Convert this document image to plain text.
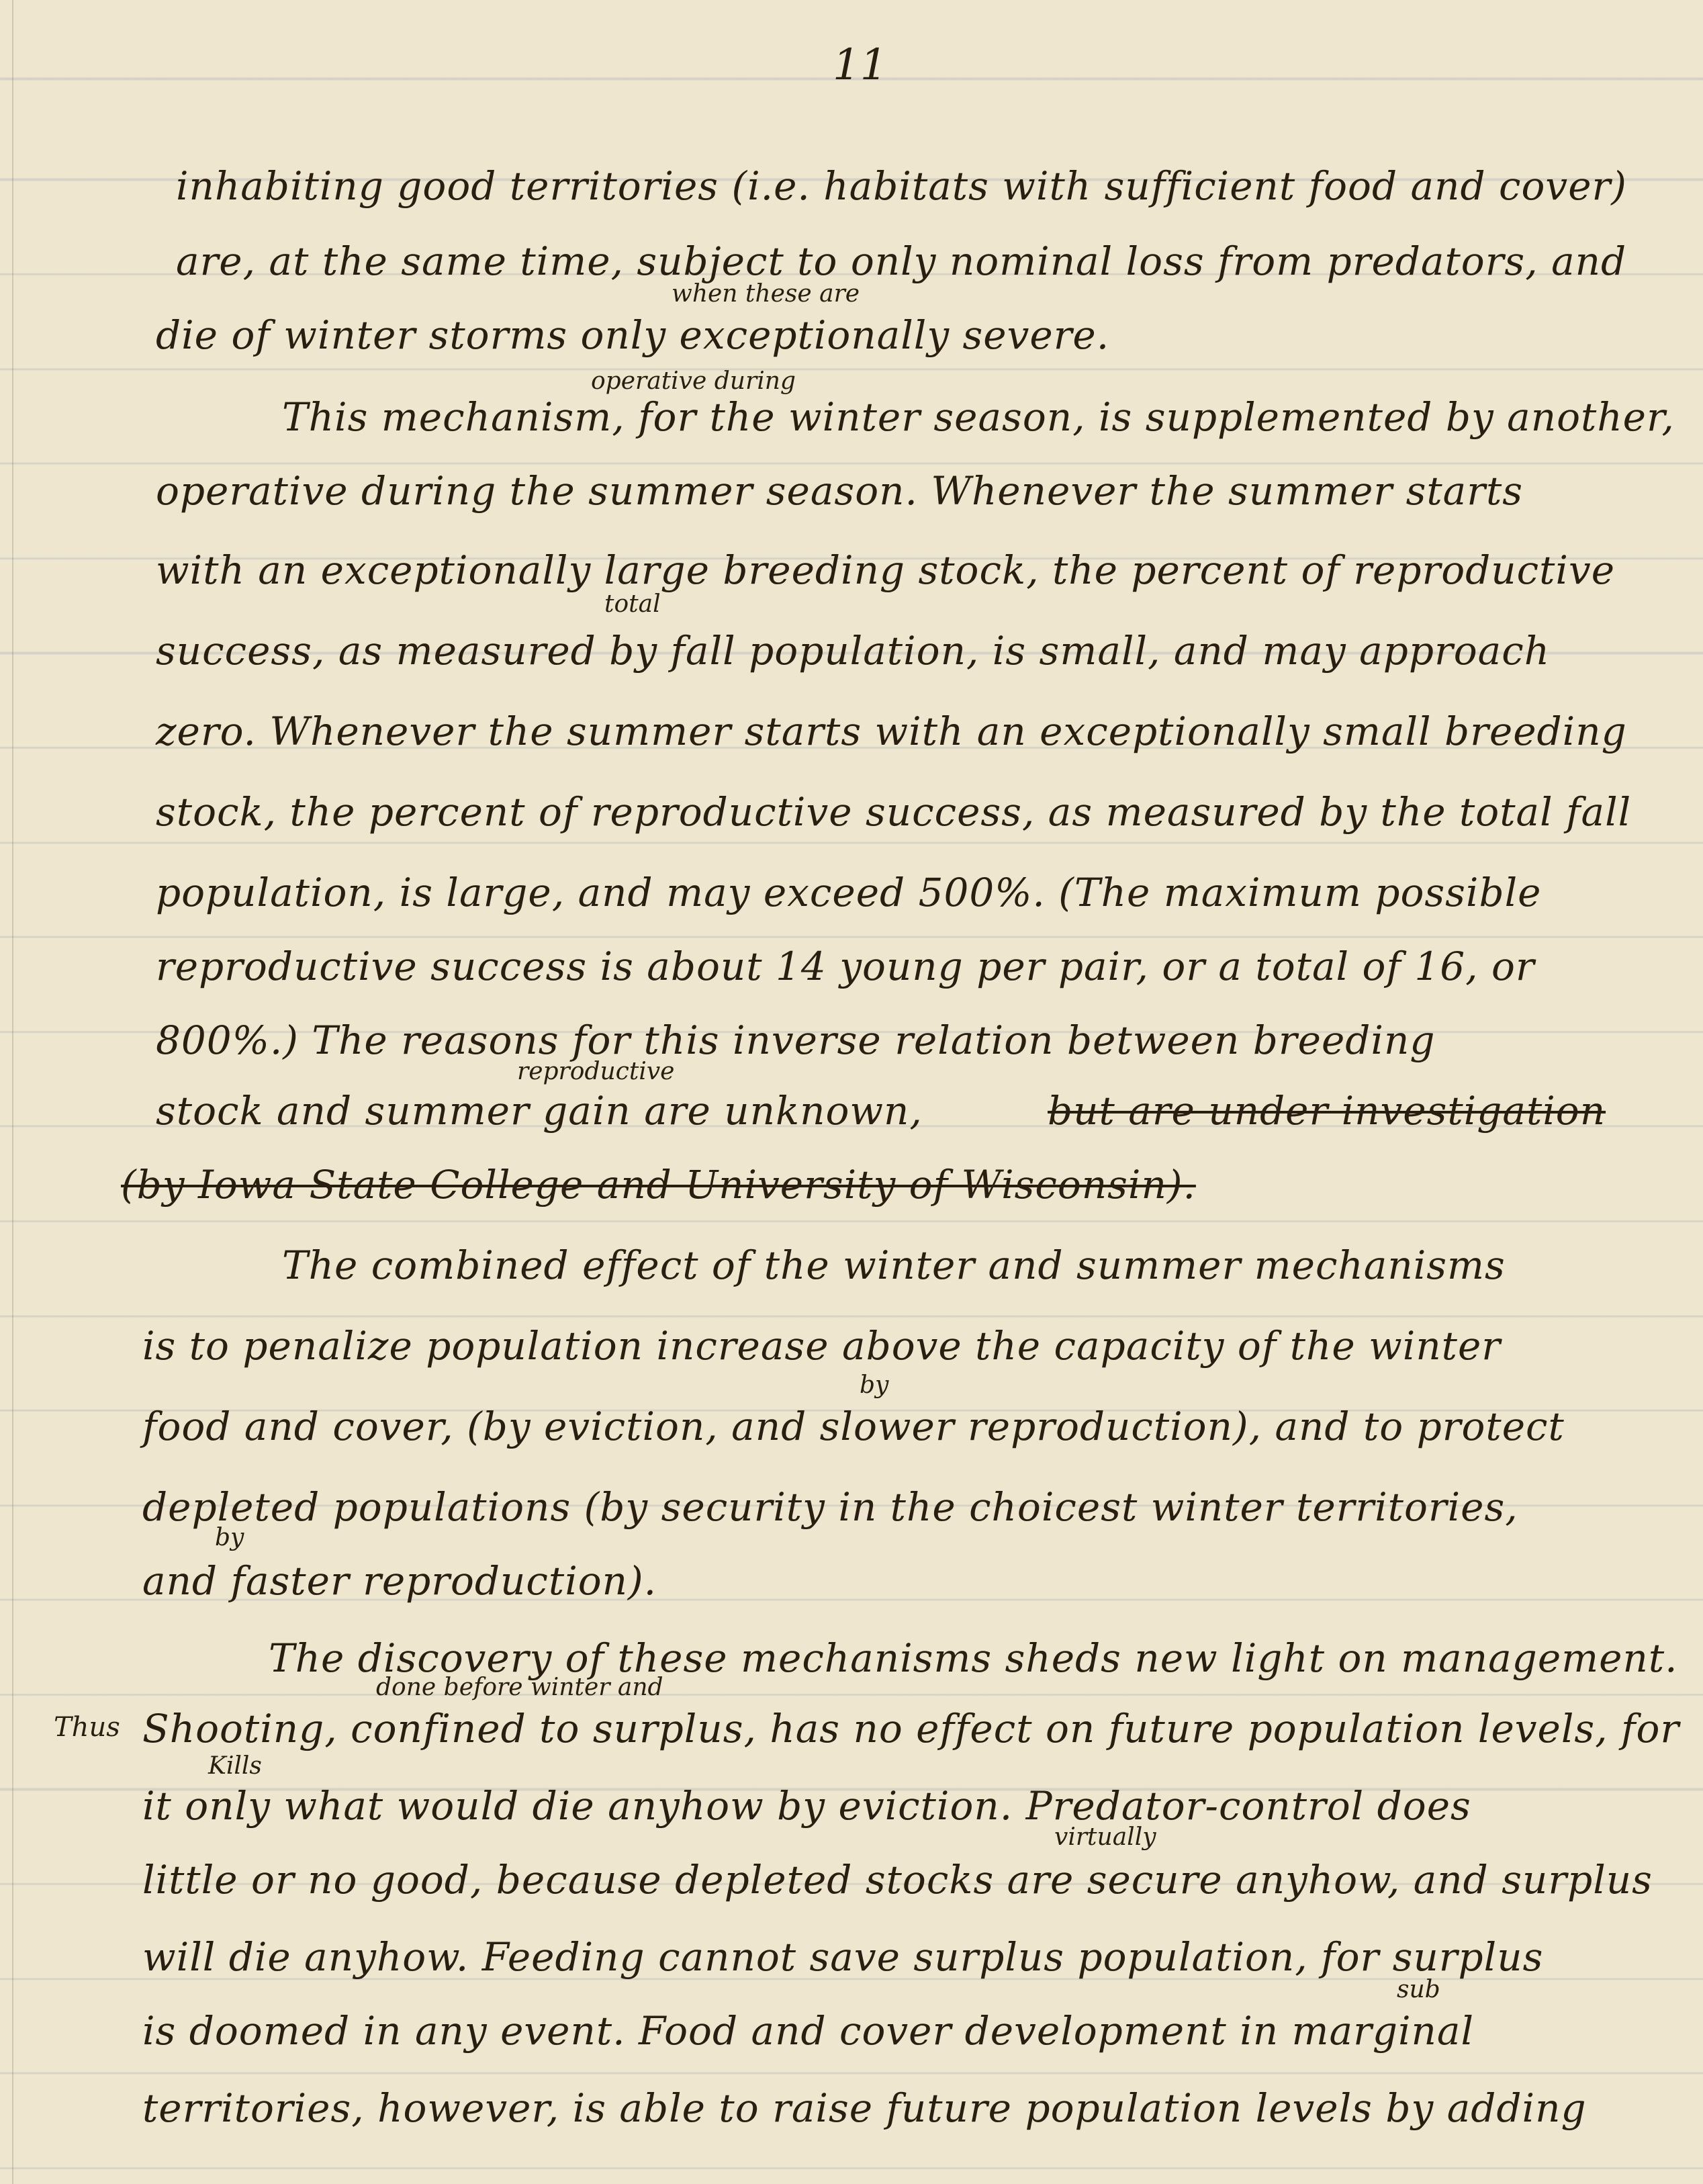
11
inhabiting good territories (i.e. habitats with sufficient food and cover)
are, at the same time, subject to only nominal loss from predators, and
when these are
die of winter storms only exceptionally severe.
operative during
This mechanism, for the winter season, is supplemented by another,
operative during the summer season. Whenever the summer starts
with an exceptionally large breeding stock, the percent of reproductive
total
success, as measured by fall population, is small, and may approach
zero. Whenever the summer starts with an exceptionally small breeding
stock, the percent of reproductive success, as measured by the total fall
population, is large, and may exceed 500%. (The maximum possible
reproductive success is about 14 young per pair, or a total of 16, or
800%.) The reasons for this inverse relation between breeding
reproductive
stock and summer gain are unknown,	but are under investigation
(by Iowa State College and University of Wisconsin).
The combined effect of the winter and summer mechanisms
is to penalize population increase above the capacity of the winter
by
food and cover, (by eviction, and slower reproduction), and to protect
depleted populations (by security in the choicest winter territories,
by
and faster reproduction).
The discovery of these mechanisms sheds new light on management.
done before winter and
Thus Shooting, confined to surplus, has no effect on future population levels, for
Kills
it only what would die anyhow by eviction. Predator-control does
virtually
little or no good, because depleted stocks are secure anyhow, and surplus
will die anyhow. Feeding cannot save surplus population, for surplus
sub
is doomed in any event. Food and cover development in marginal
territories, however, is able to raise future population levels by adding
